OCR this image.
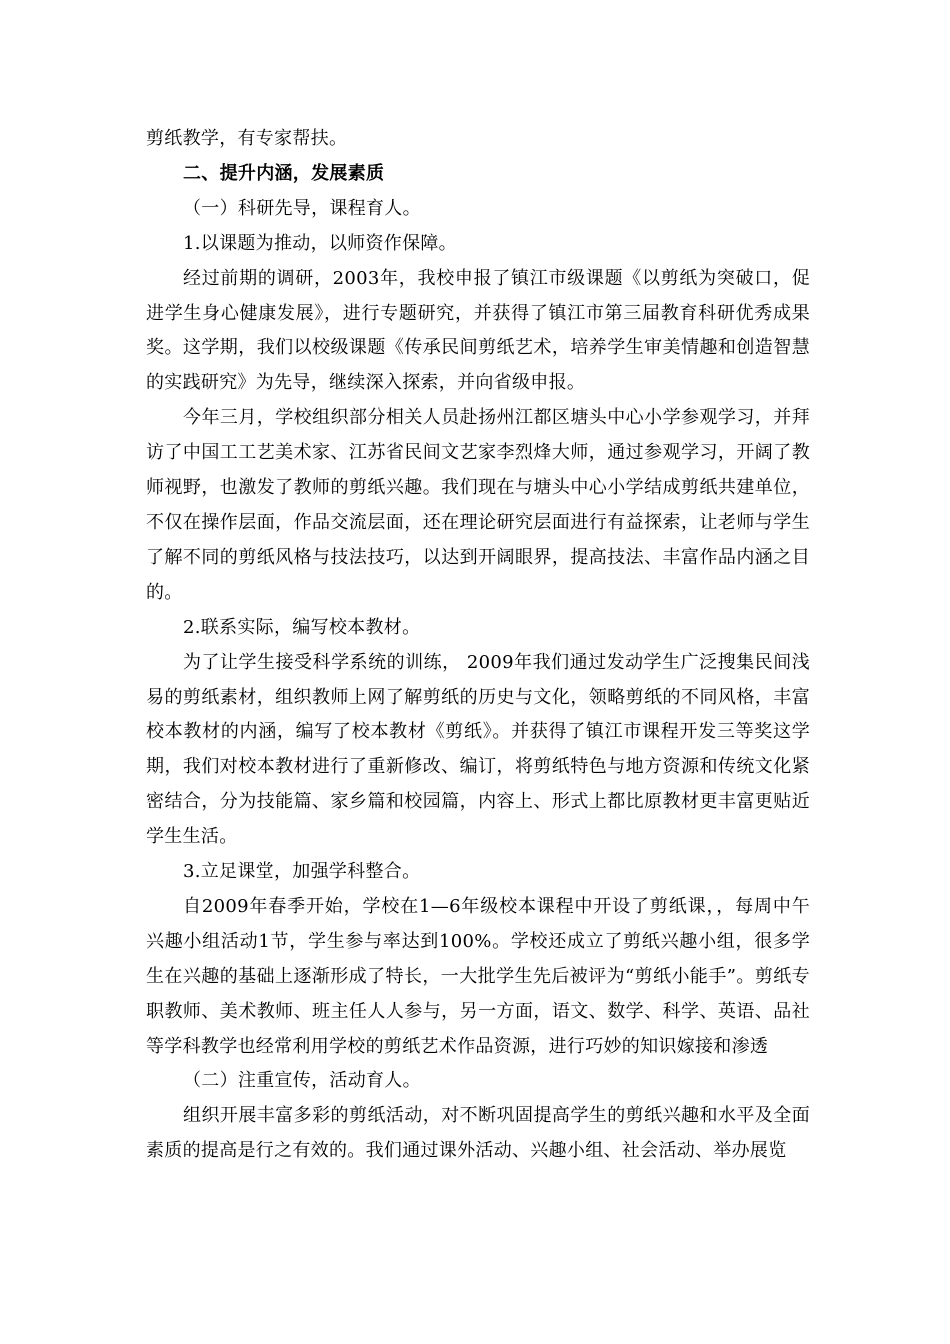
剪纸教学，有专家帮扶。

二、提升内涵，发展素质

（一）科研先导，课程育人。

1.以课题为推动，以师资作保障。

经过前期的调研，2003年，我校申报了镇江市级课题《以剪纸为突破口，促进学生身心健康发展》，进行专题研究，并获得了镇江市第三届教育科研优秀成果奖。这学期，我们以校级课题《传承民间剪纸艺术，培养学生审美情趣和创造智慧的实践研究》为先导，继续深入探索，并向省级申报。

今年三月，学校组织部分相关人员赴扬州江都区塘头中心小学参观学习，并拜访了中国工工艺美术家、江苏省民间文艺家李烈烽大师，通过参观学习，开阔了教师视野，也激发了教师的剪纸兴趣。我们现在与塘头中心小学结成剪纸共建单位，不仅在操作层面，作品交流层面，还在理论研究层面进行有益探索，让老师与学生了解不同的剪纸风格与技法技巧，以达到开阔眼界，提高技法、丰富作品内涵之目的。

2.联系实际，编写校本教材。

为了让学生接受科学系统的训练， 2009年我们通过发动学生广泛搜集民间浅易的剪纸素材，组织教师上网了解剪纸的历史与文化，领略剪纸的不同风格，丰富校本教材的内涵，编写了校本教材《剪纸》。并获得了镇江市课程开发三等奖这学期，我们对校本教材进行了重新修改、编订，将剪纸特色与地方资源和传统文化紧密结合，分为技能篇、家乡篇和校园篇，内容上、形式上都比原教材更丰富更贴近学生生活。

3.立足课堂，加强学科整合。

自2009年春季开始，学校在1—6年级校本课程中开设了剪纸课，，每周中午兴趣小组活动1节，学生参与率达到100%。学校还成立了剪纸兴趣小组，很多学生在兴趣的基础上逐渐形成了特长，一大批学生先后被评为“剪纸小能手”。剪纸专职教师、美术教师、班主任人人参与，另一方面，语文、数学、科学、英语、品社等学科教学也经常利用学校的剪纸艺术作品资源，进行巧妙的知识嫁接和渗透

（二）注重宣传，活动育人。

组织开展丰富多彩的剪纸活动，对不断巩固提高学生的剪纸兴趣和水平及全面素质的提高是行之有效的。我们通过课外活动、兴趣小组、社会活动、举办展览
